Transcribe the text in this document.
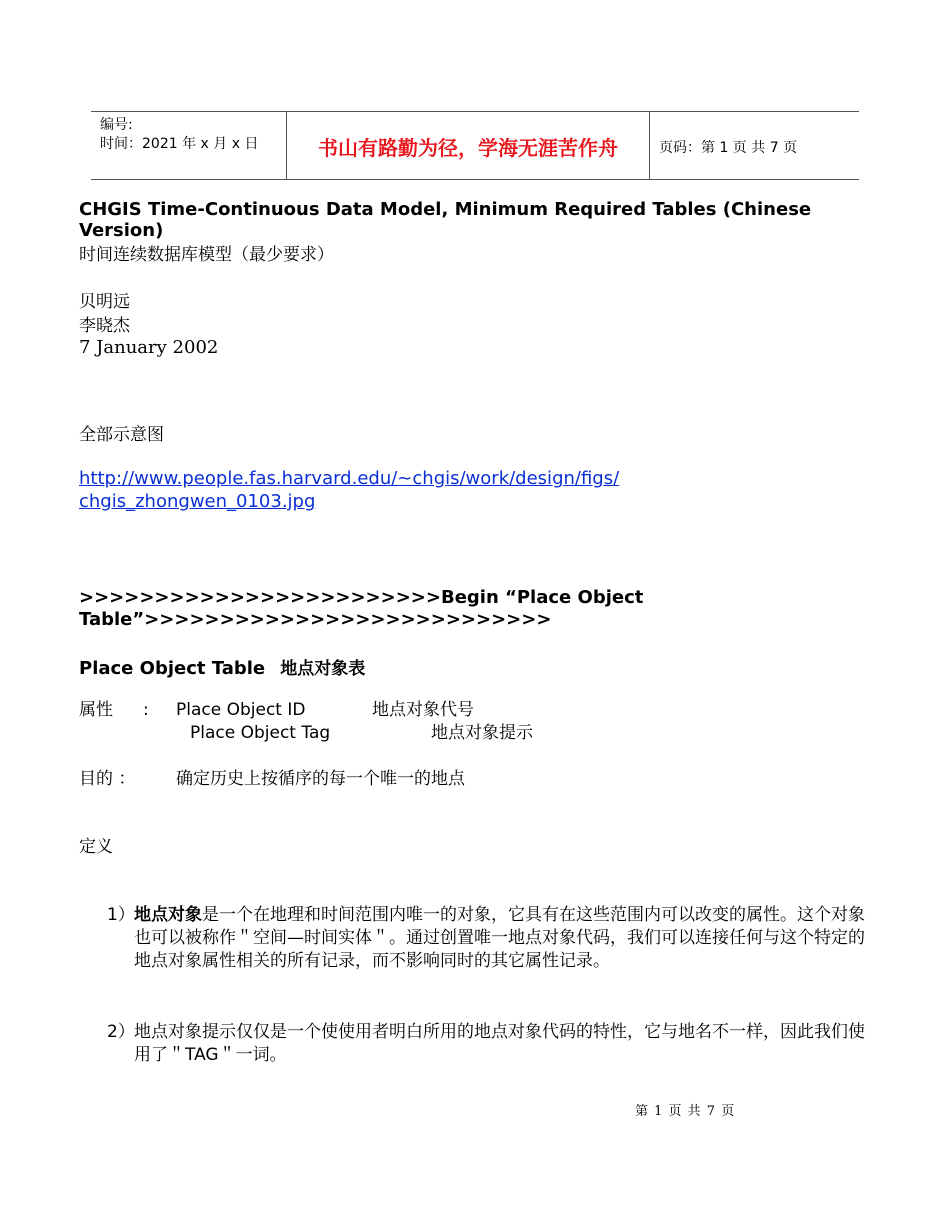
编号:
时间：2021 年 x 月 x 日	书山有路勤为径，学海无涯苦作舟	页码：第 1 页 共 7 页
CHGIS Time-Continuous Data Model, Minimum Required Tables (Chinese Version)
时间连续数据库模型（最少要求）
贝明远
李晓杰
7 January 2002
全部示意图
http://www.people.fas.harvard.edu/~chgis/work/design/figs/
chgis_zhongwen_0103.jpg
>>>>>>>>>>>>>>>>>>>>>>>>Begin “Place Object
Table”>>>>>>>>>>>>>>>>>>>>>>>>>>>
Place Object Table 地点对象表
属性 : Place Object ID	地点对象代号
Place Object Tag	地点对象提示
目的 ： 确定历史上按循序的每一个唯一的地点
定义
1） 地点对象是一个在地理和时间范围内唯一的对象，它具有在这些范围内可以改变的属性。这个对象也可以被称作＂空间—时间实体＂。通过创置唯一地点对象代码，我们可以连接任何与这个特定的地点对象属性相关的所有记录，而不影响同时的其它属性记录。
2） 地点对象提示仅仅是一个使使用者明白所用的地点对象代码的特性，它与地名不一样，因此我们使用了＂TAG＂一词。
第 1 页 共 7 页
